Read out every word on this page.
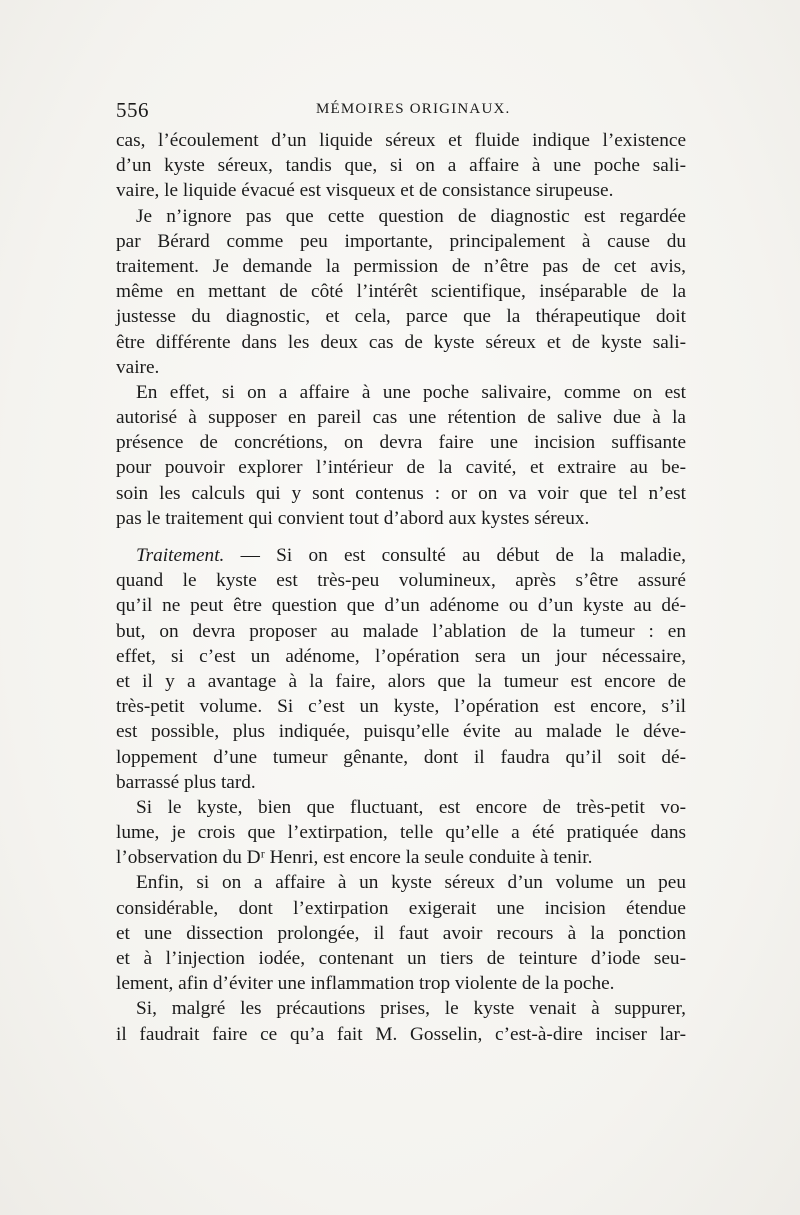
556	MÉMOIRES ORIGINAUX.
cas, l’écoulement d’un liquide séreux et fluide indique l’existence
d’un kyste séreux, tandis que, si on a affaire à une poche sali-
vaire, le liquide évacué est visqueux et de consistance sirupeuse.
Je n’ignore pas que cette question de diagnostic est regardée
par Bérard comme peu importante, principalement à cause du
traitement. Je demande la permission de n’être pas de cet avis,
même en mettant de côté l’intérêt scientifique, inséparable de la
justesse du diagnostic, et cela, parce que la thérapeutique doit
être différente dans les deux cas de kyste séreux et de kyste sali-
vaire.
En effet, si on a affaire à une poche salivaire, comme on est
autorisé à supposer en pareil cas une rétention de salive due à la
présence de concrétions, on devra faire une incision suffisante
pour pouvoir explorer l’intérieur de la cavité, et extraire au be-
soin les calculs qui y sont contenus : or on va voir que tel n’est
pas le traitement qui convient tout d’abord aux kystes séreux.
Traitement. — Si on est consulté au début de la maladie,
quand le kyste est très-peu volumineux, après s’être assuré
qu’il ne peut être question que d’un adénome ou d’un kyste au dé-
but, on devra proposer au malade l’ablation de la tumeur : en
effet, si c’est un adénome, l’opération sera un jour nécessaire,
et il y a avantage à la faire, alors que la tumeur est encore de
très-petit volume. Si c’est un kyste, l’opération est encore, s’il
est possible, plus indiquée, puisqu’elle évite au malade le déve-
loppement d’une tumeur gênante, dont il faudra qu’il soit dé-
barrassé plus tard.
Si le kyste, bien que fluctuant, est encore de très-petit vo-
lume, je crois que l’extirpation, telle qu’elle a été pratiquée dans
l’observation du Dʳ Henri, est encore la seule conduite à tenir.
Enfin, si on a affaire à un kyste séreux d’un volume un peu
considérable, dont l’extirpation exigerait une incision étendue
et une dissection prolongée, il faut avoir recours à la ponction
et à l’injection iodée, contenant un tiers de teinture d’iode seu-
lement, afin d’éviter une inflammation trop violente de la poche.
Si, malgré les précautions prises, le kyste venait à suppurer,
il faudrait faire ce qu’a fait M. Gosselin, c’est-à-dire inciser lar-
